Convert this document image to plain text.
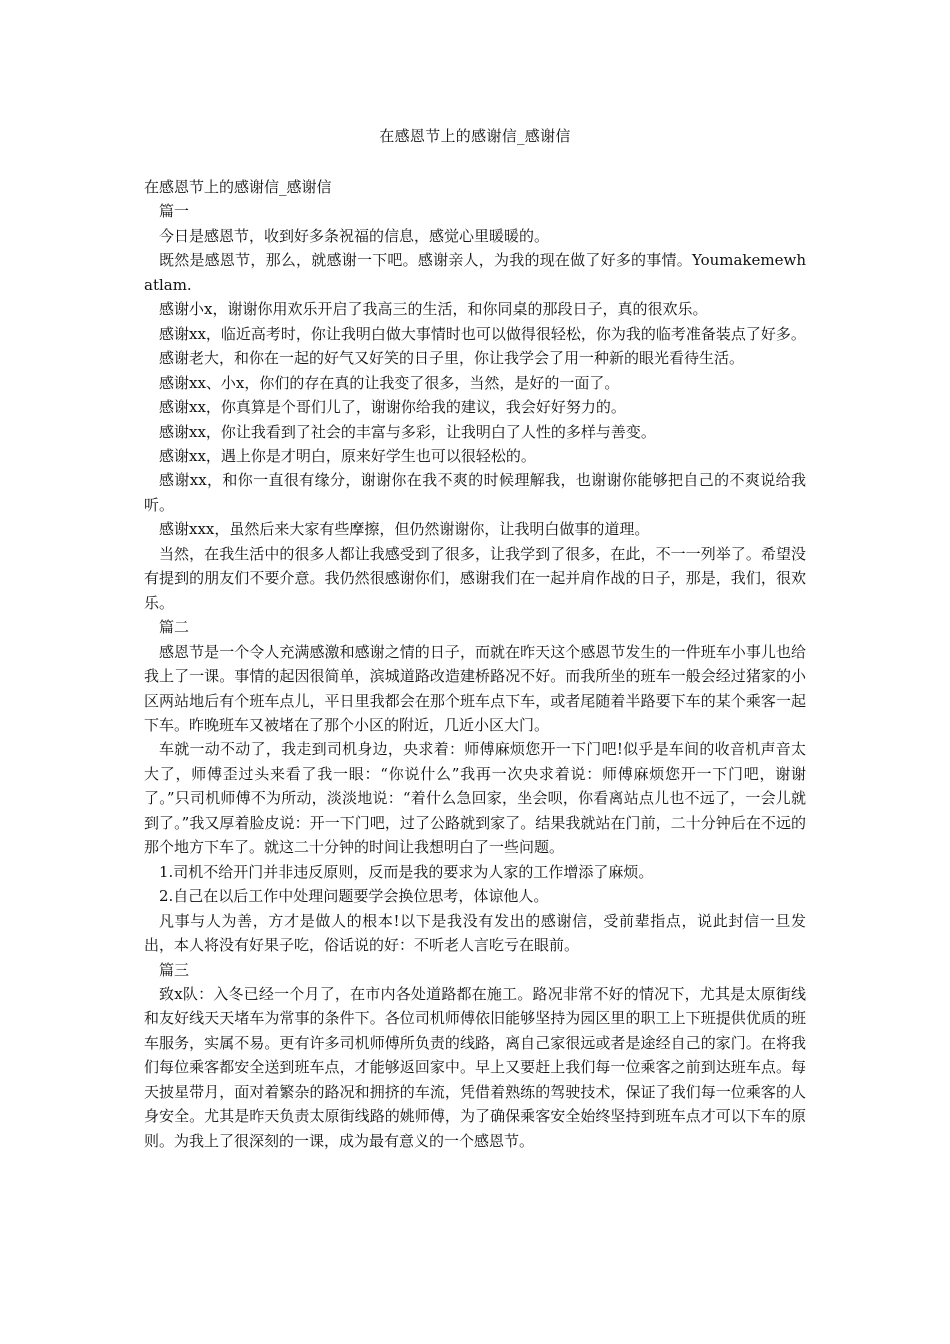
在感恩节上的感谢信_感谢信

在感恩节上的感谢信_感谢信

篇一

今日是感恩节，收到好多条祝福的信息，感觉心里暖暖的。

既然是感恩节，那么，就感谢一下吧。感谢亲人，为我的现在做了好多的事情。Youmakemewhatlam.

感谢小x，谢谢你用欢乐开启了我高三的生活，和你同桌的那段日子，真的很欢乐。

感谢xx，临近高考时，你让我明白做大事情时也可以做得很轻松，你为我的临考准备装点了好多。

感谢老大，和你在一起的好气又好笑的日子里，你让我学会了用一种新的眼光看待生活。

感谢xx、小x，你们的存在真的让我变了很多，当然，是好的一面了。

感谢xx，你真算是个哥们儿了，谢谢你给我的建议，我会好好努力的。

感谢xx，你让我看到了社会的丰富与多彩，让我明白了人性的多样与善变。

感谢xx，遇上你是才明白，原来好学生也可以很轻松的。

感谢xx，和你一直很有缘分，谢谢你在我不爽的时候理解我，也谢谢你能够把自己的不爽说给我听。

感谢xxx，虽然后来大家有些摩擦，但仍然谢谢你，让我明白做事的道理。

当然，在我生活中的很多人都让我感受到了很多，让我学到了很多，在此，不一一列举了。希望没有提到的朋友们不要介意。我仍然很感谢你们，感谢我们在一起并肩作战的日子，那是，我们，很欢乐。

篇二

感恩节是一个令人充满感激和感谢之情的日子，而就在昨天这个感恩节发生的一件班车小事儿也给我上了一课。事情的起因很简单，滨城道路改造建桥路况不好。而我所坐的班车一般会经过猪家的小区两站地后有个班车点儿，平日里我都会在那个班车点下车，或者尾随着半路要下车的某个乘客一起下车。昨晚班车又被堵在了那个小区的附近，几近小区大门。

车就一动不动了，我走到司机身边，央求着：师傅麻烦您开一下门吧!似乎是车间的收音机声音太大了，师傅歪过头来看了我一眼：“你说什么”我再一次央求着说：师傅麻烦您开一下门吧，谢谢了。”只司机师傅不为所动，淡淡地说：“着什么急回家，坐会呗，你看离站点儿也不远了，一会儿就到了。”我又厚着脸皮说：开一下门吧，过了公路就到家了。结果我就站在门前，二十分钟后在不远的那个地方下车了。就这二十分钟的时间让我想明白了一些问题。

1.司机不给开门并非违反原则，反而是我的要求为人家的工作增添了麻烦。

2.自己在以后工作中处理问题要学会换位思考，体谅他人。

凡事与人为善，方才是做人的根本!以下是我没有发出的感谢信，受前辈指点，说此封信一旦发出，本人将没有好果子吃，俗话说的好：不听老人言吃亏在眼前。

篇三

致x队：入冬已经一个月了，在市内各处道路都在施工。路况非常不好的情况下，尤其是太原街线和友好线天天堵车为常事的条件下。各位司机师傅依旧能够坚持为园区里的职工上下班提供优质的班车服务，实属不易。更有许多司机师傅所负责的线路，离自己家很远或者是途经自己的家门。在将我们每位乘客都安全送到班车点，才能够返回家中。早上又要赶上我们每一位乘客之前到达班车点。每天披星带月，面对着繁杂的路况和拥挤的车流，凭借着熟练的驾驶技术，保证了我们每一位乘客的人身安全。尤其是昨天负责太原街线路的姚师傅，为了确保乘客安全始终坚持到班车点才可以下车的原则。为我上了很深刻的一课，成为最有意义的一个感恩节。
